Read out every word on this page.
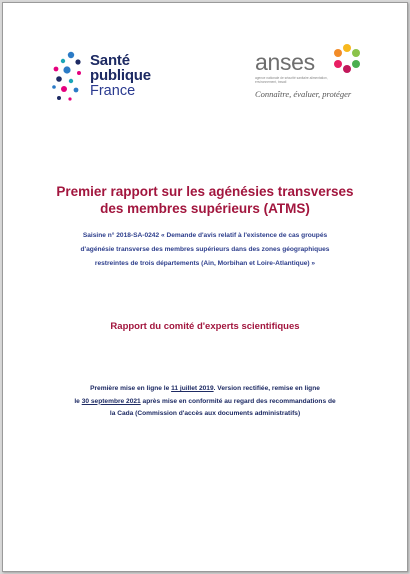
Santé
publique
France
anses
agence nationale de sécurité sanitaire alimentation, environnement, travail
Connaître, évaluer, protéger
Premier rapport sur les agénésies transverses
des membres supérieurs (ATMS)
Saisine n° 2018-SA-0242 « Demande d'avis relatif à l'existence de cas groupés
d'agénésie transverse des membres supérieurs dans des zones géographiques
restreintes de trois départements (Ain, Morbihan et Loire-Atlantique) »
Rapport du comité d'experts scientifiques
Première mise en ligne le 11 juillet 2019. Version rectifiée, remise en ligne
le 30 septembre 2021 après mise en conformité au regard des recommandations de
la Cada (Commission d'accès aux documents administratifs)
